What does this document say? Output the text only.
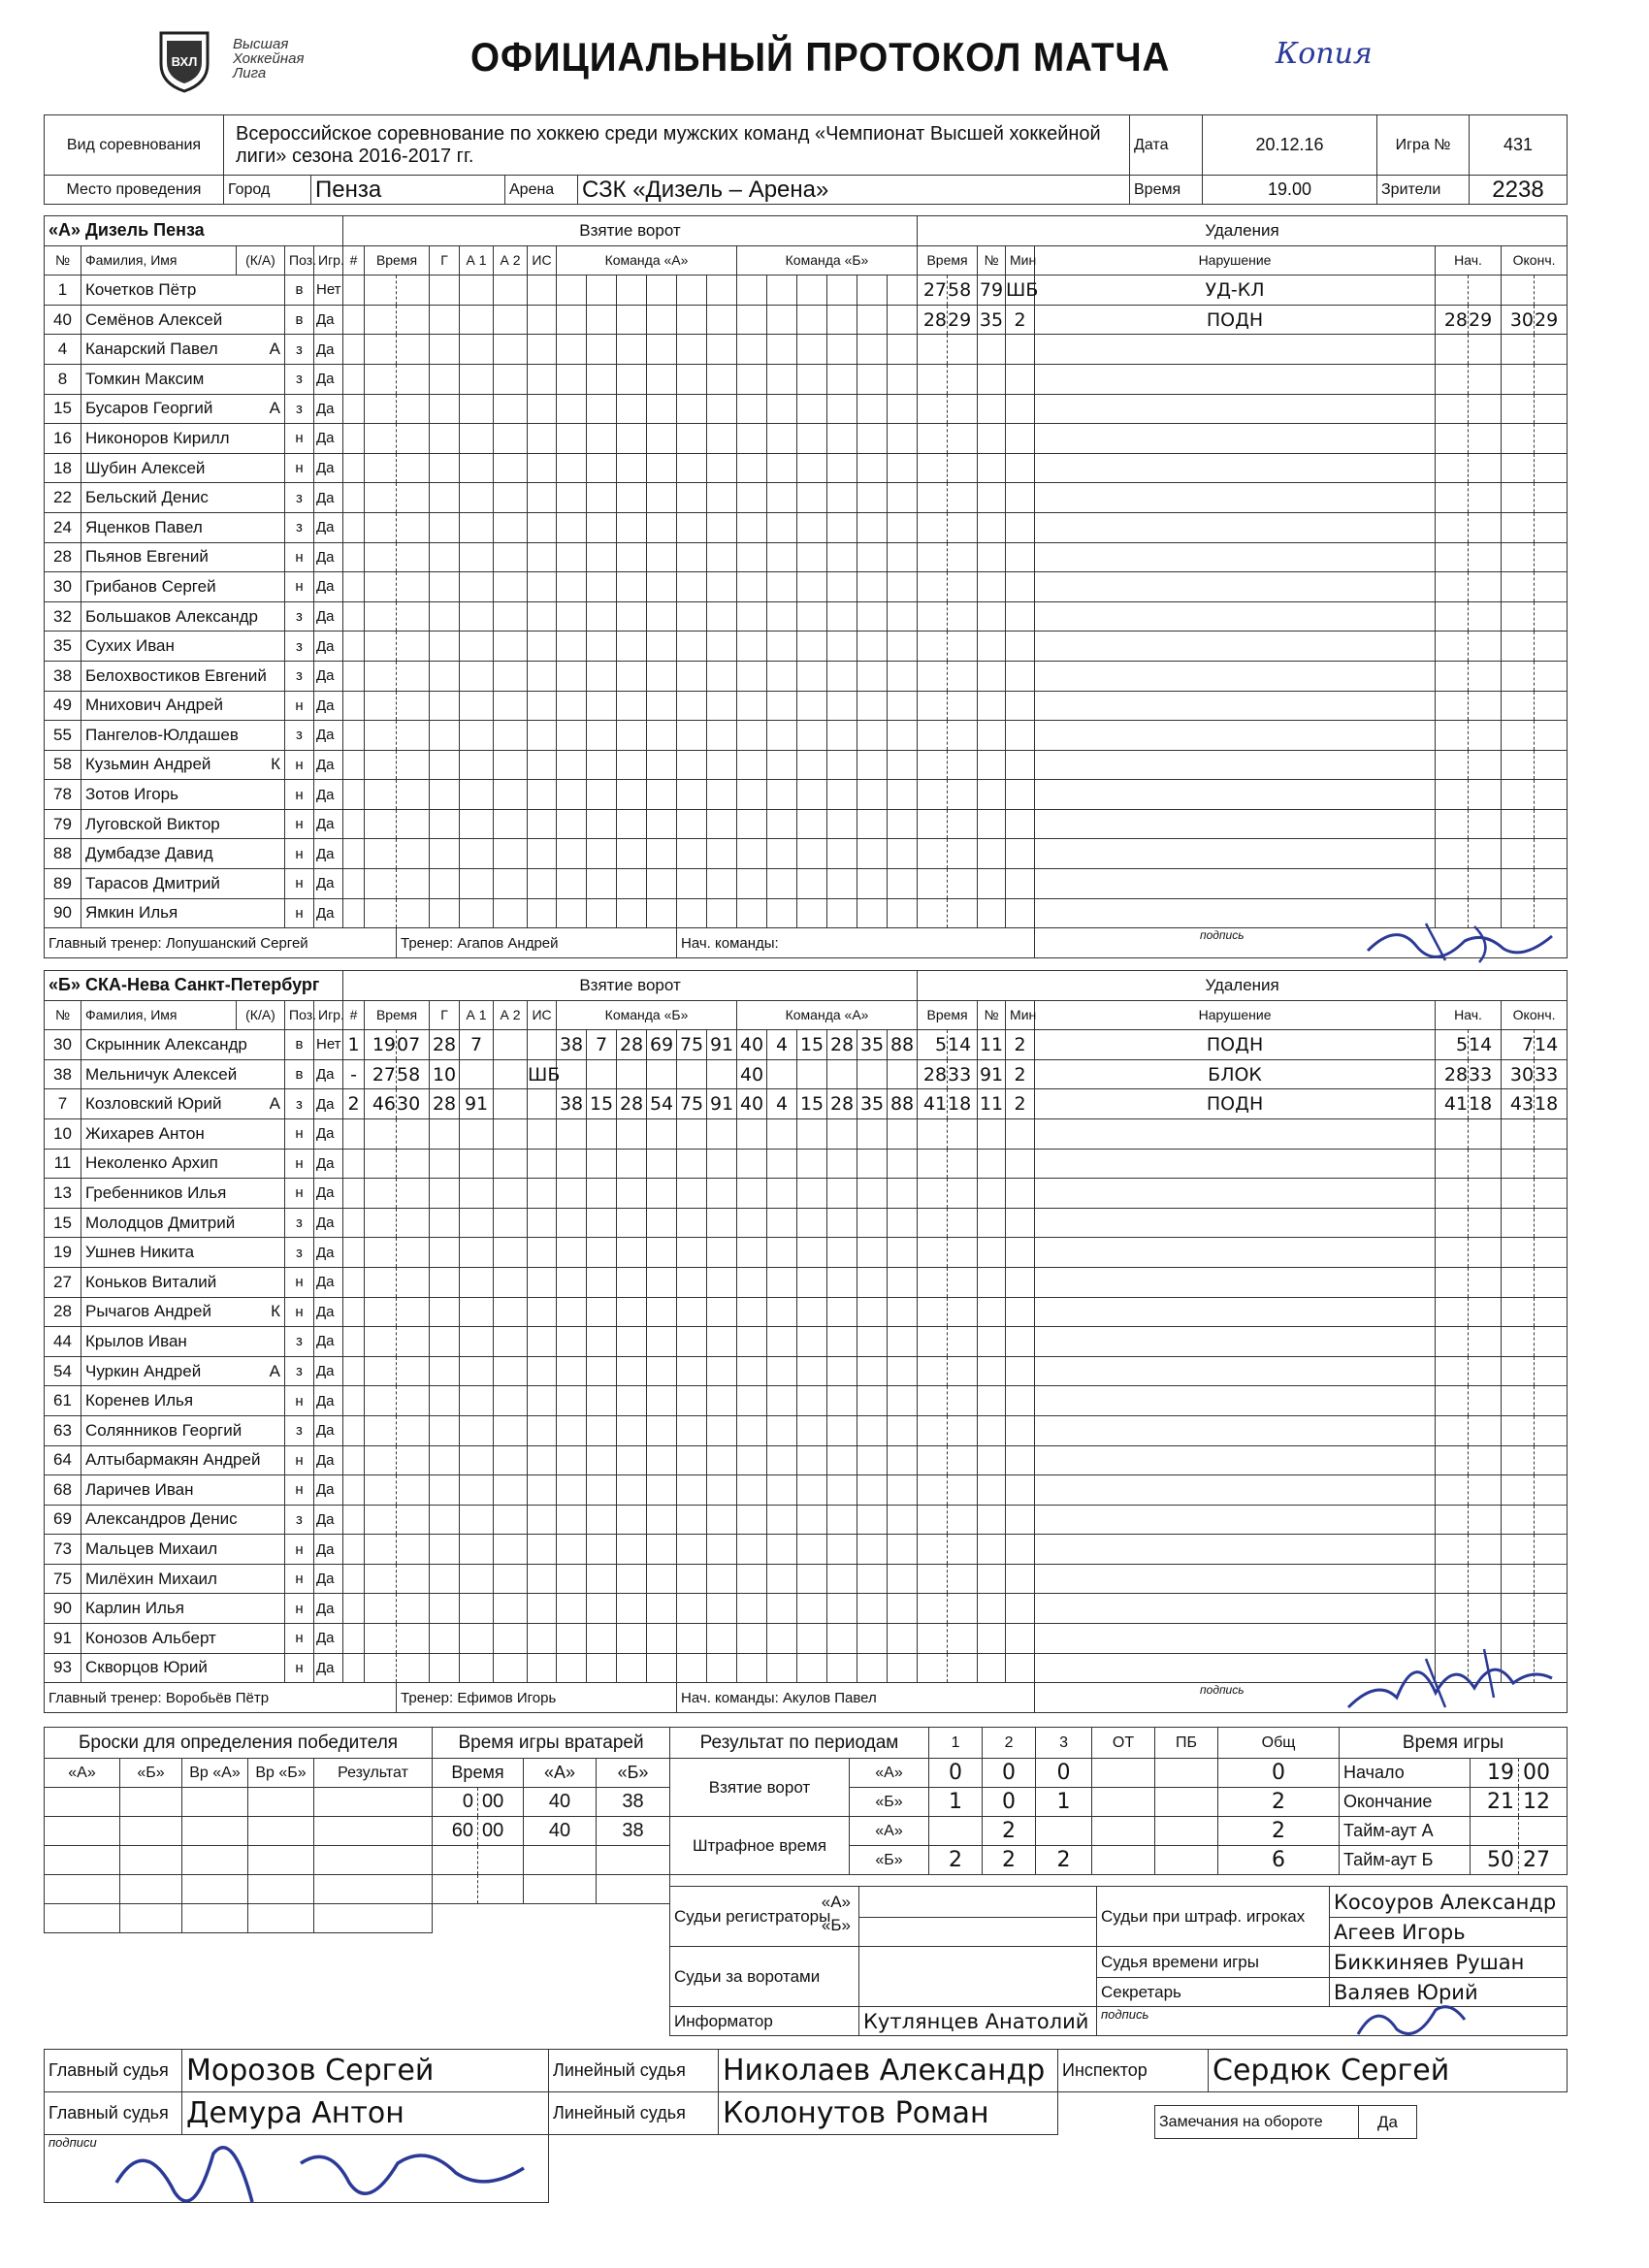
ВХЛ
Высшая
Хоккейная
Лига	ОФИЦИАЛЬНЫЙ ПРОТОКОЛ МАТЧА	Копия
Вид соревнования	Всероссийское соревнование по хоккею среди мужских команд «Чемпионат Высшей хоккейной лиги» сезона 2016-2017 гг.	Дата	20.12.16	Игра №	431
Место проведения	Город	Пенза	Арена	СЗК «Дизель – Арена»	Время	19.00	Зрители	2238
«А» Дизель Пенза					Взятие ворот																			Удаления								
№	Фамилия, Имя	(К/А)	Поз.	Игр.	#	Время		Г	А 1	А 2	ИС	Команда «А»						Команда «Б»						Время		№	Мин	Нарушение	Нач.		Оконч.	
1	Кочетков Пётр		в	Нет																				27	58	79	ШБ	УД-КЛ				
40	Семёнов Алексей		в	Да																				28	29	35	2	ПОДН	28	29	30	29
4	Канарский Павел	А	з	Да																												
8	Томкин Максим		з	Да																												
15	Бусаров Георгий	А	з	Да																												
16	Никоноров Кирилл		н	Да																												
18	Шубин Алексей		н	Да																												
22	Бельский Денис		з	Да																												
24	Яценков Павел		з	Да																												
28	Пьянов Евгений		н	Да																												
30	Грибанов Сергей		н	Да																												
32	Большаков Александр		з	Да																												
35	Сухих Иван		з	Да																												
38	Белохвостиков Евгений		з	Да																												
49	Мнихович Андрей		н	Да																												
55	Пангелов-Юлдашев		з	Да																												
58	Кузьмин Андрей	К	н	Да																												
78	Зотов Игорь		н	Да																												
79	Луговской Виктор		н	Да																												
88	Думбадзе Давид		н	Да																												
89	Тарасов Дмитрий		н	Да																												
90	Ямкин Илья		н	Да																												
Главный тренер: Лопушанский Сергей							Тренер: Агапов Андрей									Нач. команды:												подпись				
«Б» СКА-Нева Санкт-Петербург					Взятие ворот																			Удаления								
№	Фамилия, Имя	(К/А)	Поз.	Игр.	#	Время		Г	А 1	А 2	ИС	Команда «Б»						Команда «А»						Время		№	Мин	Нарушение	Нач.		Оконч.	
30	Скрынник Александр		в	Нет	1	19	07	28	7			38	7	28	69	75	91	40	4	15	28	35	88	5	14	11	2	ПОДН	5	14	7	14
38	Мельничук Алексей		в	Да	-	27	58	10			ШБ							40						28	33	91	2	БЛОК	28	33	30	33
7	Козловский Юрий	А	з	Да	2	46	30	28	91			38	15	28	54	75	91	40	4	15	28	35	88	41	18	11	2	ПОДН	41	18	43	18
10	Жихарев Антон		н	Да																												
11	Неколенко Архип		н	Да																												
13	Гребенников Илья		н	Да																												
15	Молодцов Дмитрий		з	Да																												
19	Ушнев Никита		з	Да																												
27	Коньков Виталий		н	Да																												
28	Рычагов Андрей	К	н	Да																												
44	Крылов Иван		з	Да																												
54	Чуркин Андрей	А	з	Да																												
61	Коренев Илья		н	Да																												
63	Солянников Георгий		з	Да																												
64	Алтыбармакян Андрей		н	Да																												
68	Ларичев Иван		н	Да																												
69	Александров Денис		з	Да																												
73	Мальцев Михаил		н	Да																												
75	Милёхин Михаил		н	Да																												
90	Карлин Илья		н	Да																												
91	Конозов Альберт		н	Да																												
93	Скворцов Юрий		н	Да																												
Главный тренер: Воробьёв Пётр							Тренер: Ефимов Игорь									Нач. команды: Акулов Павел												подпись				
Броски для определения победителя				
«А»	«Б»	Вр «А»	Вр «Б»	Результат

Время игры вратарей			
Время		«А»	«Б»
0	00	40	38
60	00	40	38

Результат по периодам		1	2	3	ОТ	ПБ	Общ
Взятие ворот	«А»	0	0	0			0
	«Б»	1	0	1			2
Штрафное время	«А»		2				2
	«Б»	2	2	2			6
Время игры		
Начало	19	00
Окончание	21	12
Тайм-аут А		
Тайм-аут Б	50	27
Судьи регистраторы
«А»
«Б»		Судьи при штраф. игроках	Косоуров Александр
			Агеев Игорь
Судьи за воротами		Судья времени игры	Биккиняев Рушан
		Секретарь	Валяев Юрий
Информатор	Кутлянцев Анатолий	подпись	
Главный судья	Морозов Сергей
Главный судья	Демура Антон
подписи	
Линейный судья	Николаев Александр
Линейный судья	Колонутов Роман
Инспектор	Сердюк Сергей
Замечания на обороте	Да
